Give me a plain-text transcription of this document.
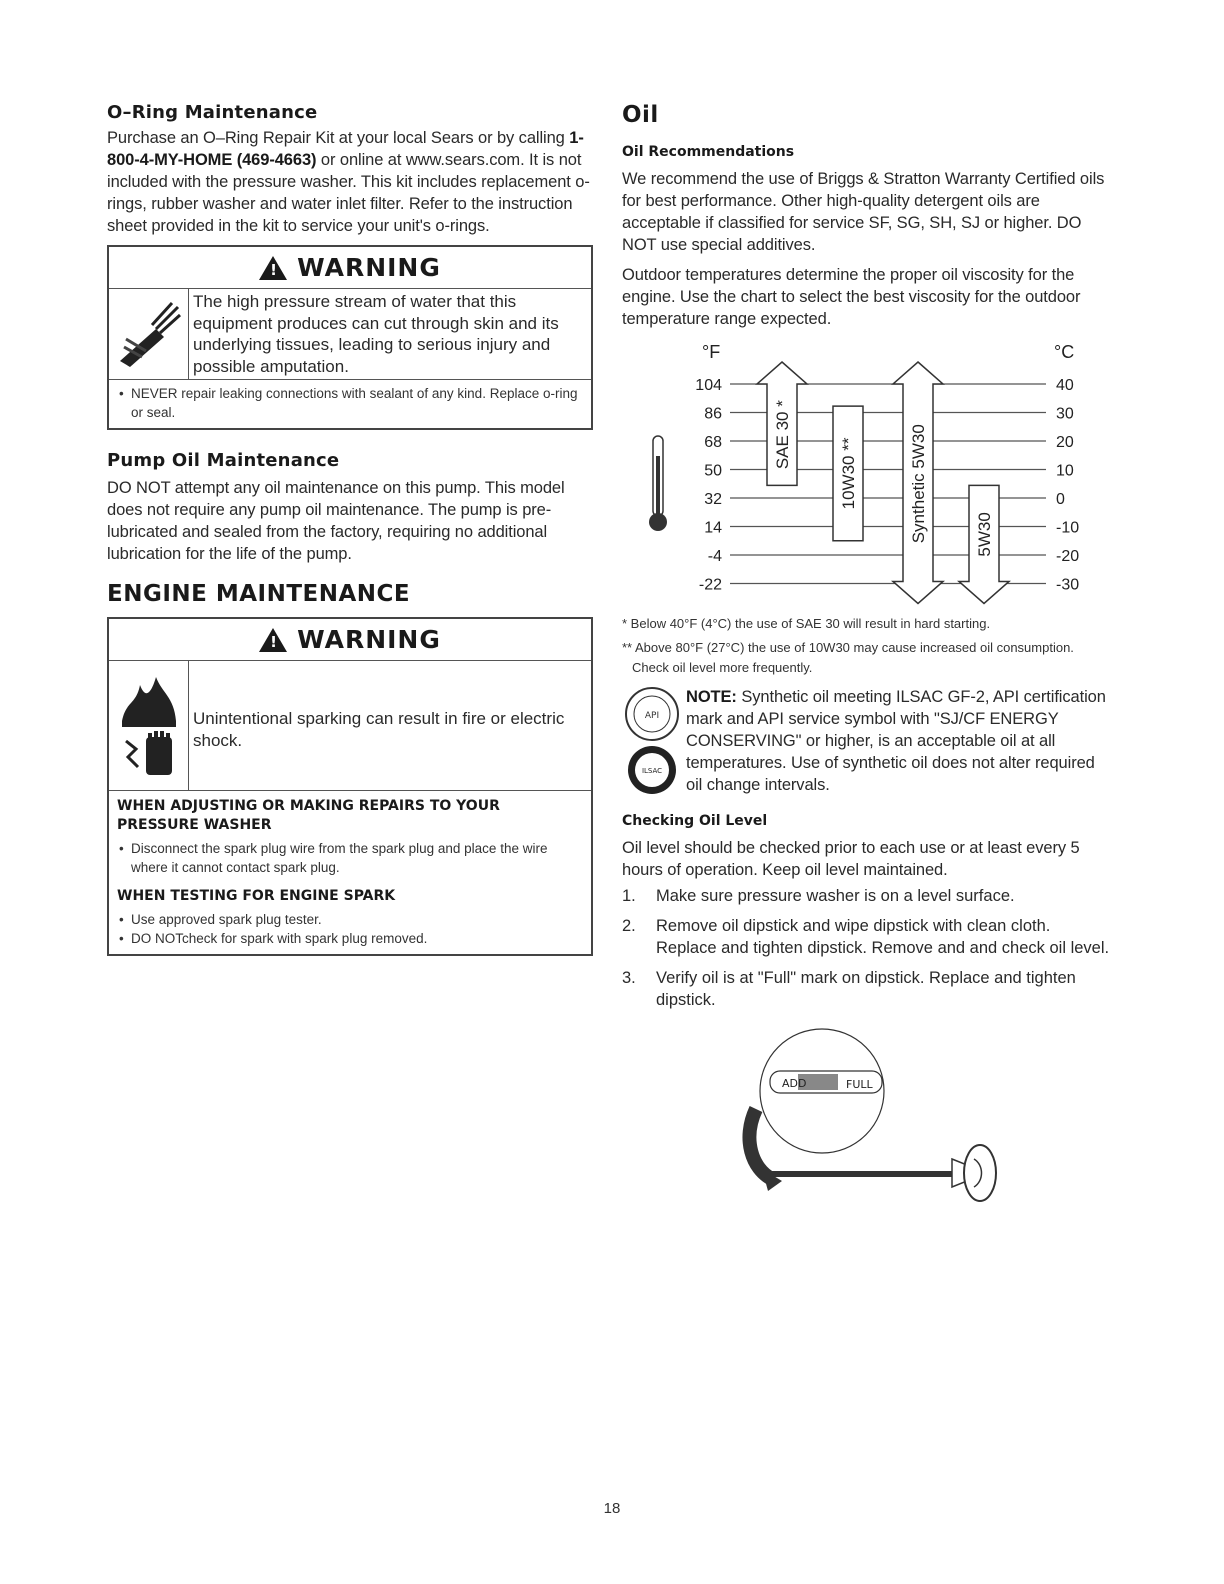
O–Ring Maintenance

Purchase an O–Ring Repair Kit at your local Sears or by calling 1-800-4-MY-HOME (469-4663) or online at www.sears.com. It is not included with the pressure washer. This kit includes replacement o-rings, rubber washer and water inlet filter. Refer to the instruction sheet provided in the kit to service your unit's o-rings.

!
WARNING
The high pressure stream of water that this equipment produces can cut through skin and its underlying tissues, leading to serious injury and possible amputation.
• NEVER repair leaking connections with sealant of any kind. Replace o-ring or seal.
Pump Oil Maintenance

DO NOT attempt any oil maintenance on this pump. This model does not require any pump oil maintenance. The pump is pre-lubricated and sealed from the factory, requiring no additional lubrication for the life of the pump.

ENGINE MAINTENANCE
!
WARNING
Unintentional sparking can result in fire or electric shock.
WHEN ADJUSTING OR MAKING REPAIRS TO YOUR PRESSURE WASHER
• Disconnect the spark plug wire from the spark plug and place the wire where it cannot contact spark plug.
WHEN TESTING FOR ENGINE SPARK
• Use approved spark plug tester.
• DO NOTcheck for spark with spark plug removed.
Oil
Oil Recommendations

We recommend the use of Briggs & Stratton Warranty Certified oils for best performance. Other high-quality detergent oils are acceptable if classified for service SF, SG, SH, SJ or higher. DO NOT use special additives.

Outdoor temperatures determine the proper oil viscosity for the engine. Use the chart to select the best viscosity for the outdoor temperature range expected.

°F	°C
104	40
86	30
68	20
50	10
32	0
14	-10
-4	-20
-22	-30
SAE 30 *
10W30 **	Synthetic 5W30	5W30
* Below 40°F (4°C) the use of SAE 30 will result in hard starting.
** Above 80°F (27°C) the use of 10W30 may cause increased oil consumption. Check oil level more frequently.
API
ILSAC

NOTE: Synthetic oil meeting ILSAC GF-2, API certification mark and API service symbol with "SJ/CF ENERGY CONSERVING" or higher, is an acceptable oil at all temperatures. Use of synthetic oil does not alter required oil change intervals.

Checking Oil Level

Oil level should be checked prior to each use or at least every 5 hours of operation. Keep oil level maintained.

1.	Make sure pressure washer is on a level surface.
2.	Remove oil dipstick and wipe dipstick with clean cloth. Replace and tighten dipstick. Remove and and check oil level.
3.	Verify oil is at "Full" mark on dipstick. Replace and tighten dipstick.
ADD	FULL
18
